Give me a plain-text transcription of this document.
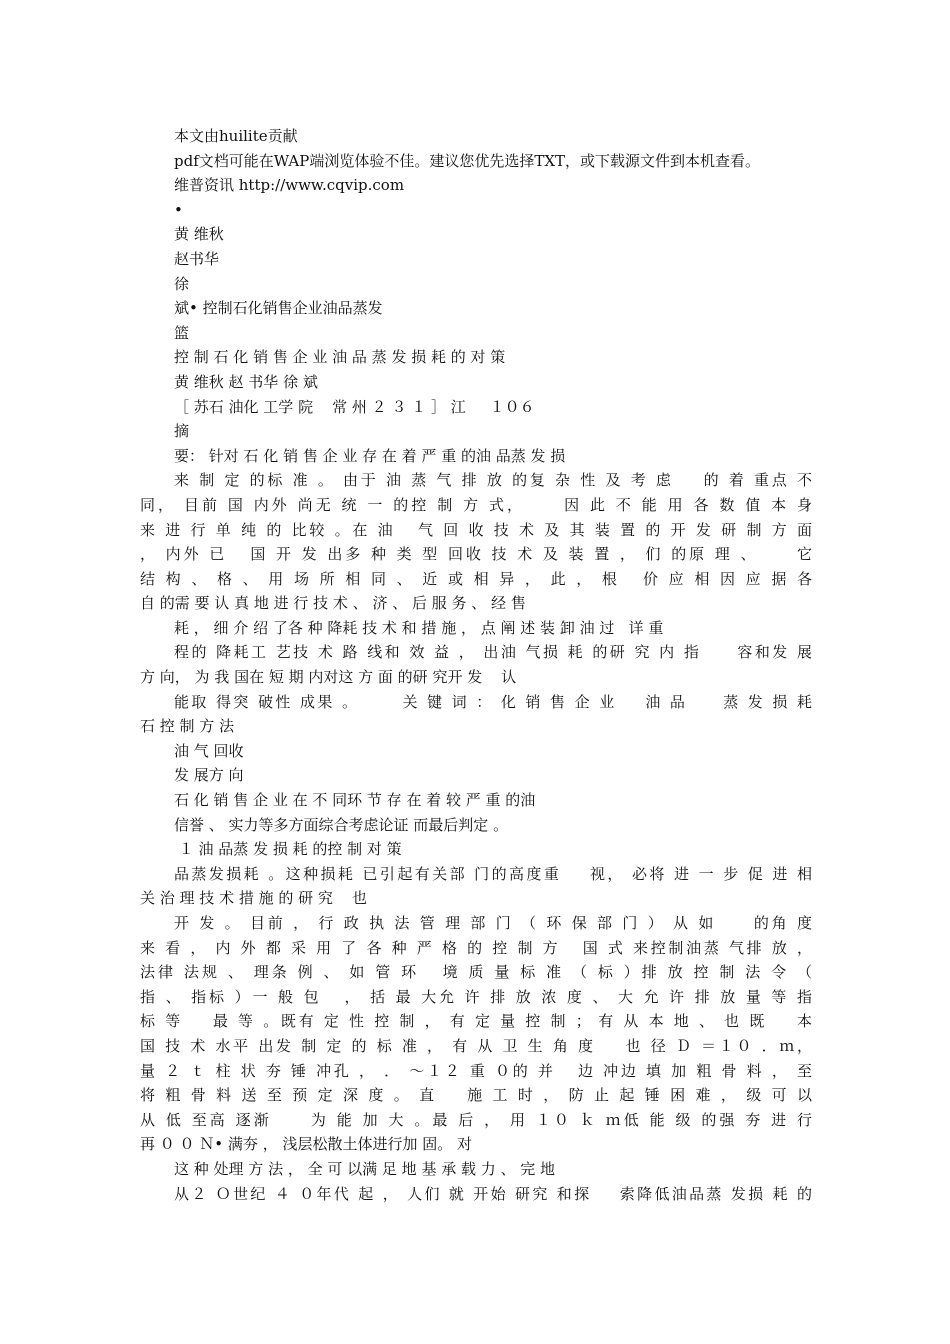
本文由huilite贡献
pdf文档可能在WAP端浏览体验不佳。建议您优先选择TXT，或下载源文件到本机查看。
维普资讯 http://www.cqvip.com
•
黄 维秋
赵书华
徐
斌• 控制石化销售企业油品蒸发
篮
控 制 石 化 销 售 企 业 油 品 蒸 发 损 耗 的 对 策
黄 维秋 赵 书华 徐 斌
［ 苏石 油化 工学 院    常 州 ２ ３ １ ］ 江     １０６
摘
要： 针对 石 化 销 售 企 业 存 在 着 严 重 的油 品蒸 发 损
来 制 定 的标 准 。 由于 油 蒸 气 排 放 的复 杂 性 及 考 虑    的 着 重点 不
同， 目前 国 内外 尚无 统 一 的控 制 方 式，     因 此 不 能 用 各 数 值 本 身
来 进 行 单 纯 的 比较 。在 油   气 回 收 技 术 及 其 装 置 的 开 发 研 制 方 面
， 内外 已   国 开 发 出多 种 类 型 回收 技 术 及 装 置 ， 们 的原 理 、     它
结 构 、 格 、 用 场 所 相 同 、 近 或 相 异 ， 此 ， 根   价 应 相 因 应 据 各
自 的需 要 认 真 地 进 行 技 术 、 济 、 后 服 务 、 经 售
耗 ， 细 介 绍 了各 种 降耗 技 术 和 措 施 ， 点 阐 述 装 卸 油 过   详 重
程的 降耗工 艺技 术 路 线和 效 益 ， 出油 气损 耗 的研 究 内 指     容和发 展
方 向， 为 我 国在 短 期 内对这 方 面 的研 究开 发    认
能取 得突 破性 成果 。      关 键 词 ： 化 销 售 企 业    油 品     蒸 发 损 耗
石 控 制 方 法
油 气 回收
发 展方 向
石 化 销 售 企 业 在 不 同环 节 存 在 着 较 严 重 的油
信誉 、 实力等多方面综合考虑论证 而最后判定 。
１ 油 品蒸 发 损 耗 的控 制 对 策
品蒸发损耗 。这种损耗 已引起有关部 门的高度重    视， 必将 进 一 步 促 进 相
关 治 理 技 术 措 施 的 研 究    也
开 发 。 目前 ， 行 政 执 法 管 理 部 门 （ 环 保 部 门 ） 从 如     的角 度
来 看 ， 内 外 都 采 用 了 各 种 严 格 的 控 制 方   国 式 来控制油蒸 气排 放 ，
法律 法规 、 理条 例 、 如 管 环   境 质 量 标 准 （ 标 ）排 放 控 制 法 令 （
指 、 指标 ）一 般 包   ， 括 最 大允 许 排 放 浓 度 、 大 允 许 排 放 量 等 指
标 等    最 等 。既有 定 性 控 制 ， 有 定 量 控 制 ； 有 从 本 地 、 也 既    本
国 技 术 水平 出发 制 定 的 标 准 ， 有 从 卫 生 角 度    也 径 Ｄ ＝１０ ．ｍ，
量 ２ ｔ 柱 状 夯 锤 冲孔 ， ． ～１２ 重 ０的 并   边 冲边 填 加 粗 骨 料 ， 至
将 粗 骨 料 送 至 预 定 深 度 。 直    施 工 时 ， 防 止 起 锤 困 难 ， 级 可 以
从 低 至高 逐渐     为 能 加 大 。最 后 ， 用 １０ ｋ ｍ低 能 级 的强 夯 进 行
再 ０ ０ Ｎ• 满夯 ， 浅层松散土体进行加 固。 对
这 种 处理 方 法 ， 全 可 以满 足 地 基 承 载 力 、 完 地
从２ Ｏ世纪 ４ ０年代 起 ， 人们 就 开始 研究 和探    索降低油品蒸 发损 耗 的
